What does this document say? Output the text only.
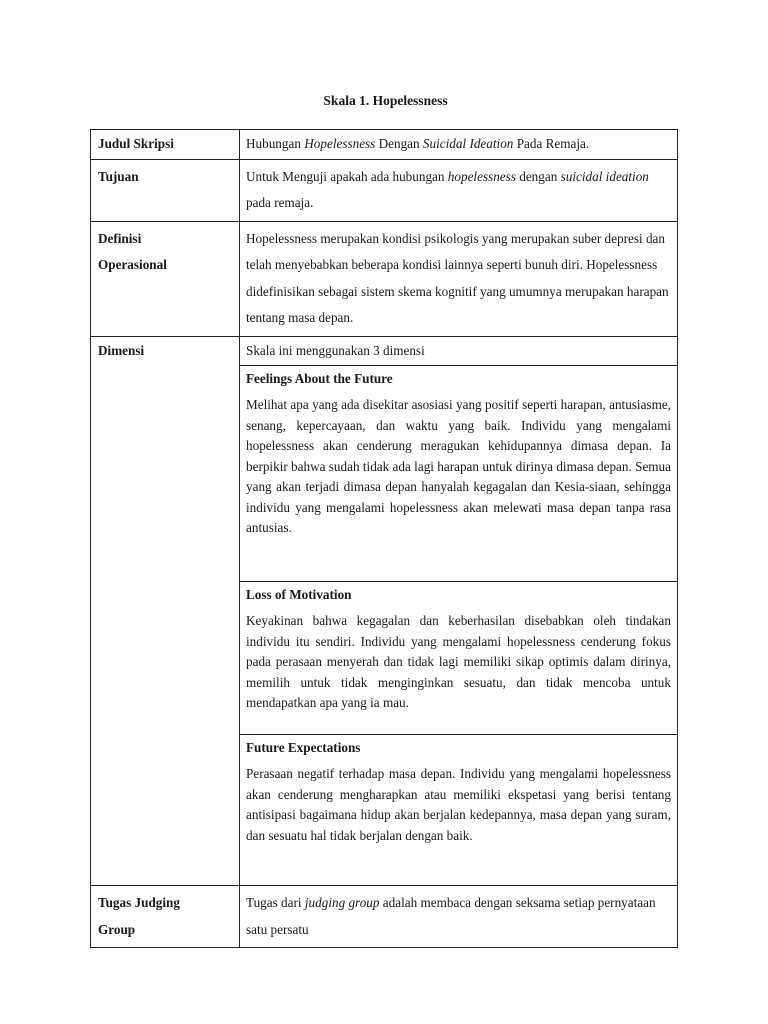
Skala 1. Hopelessness
Judul Skripsi	Hubungan Hopelessness Dengan Suicidal Ideation Pada Remaja.
Tujuan	Untuk Menguji apakah ada hubungan hopelessness dengan suicidal ideation pada remaja.
Definisi
Operasional	Hopelessness merupakan kondisi psikologis yang merupakan suber depresi dan telah menyebabkan beberapa kondisi lainnya seperti bunuh diri. Hopelessness didefinisikan sebagai sistem skema kognitif yang umumnya merupakan harapan tentang masa depan.
Dimensi	Skala ini menggunakan 3 dimensi

	Feelings About the Future
Melihat apa yang ada disekitar asosiasi yang positif seperti harapan, antusiasme, senang, kepercayaan, dan waktu yang baik. Individu yang mengalami hopelessness akan cenderung meragukan kehidupannya dimasa depan. Ia berpikir bahwa sudah tidak ada lagi harapan untuk dirinya dimasa depan. Semua yang akan terjadi dimasa depan hanyalah kegagalan dan Kesia-siaan, sehingga individu yang mengalami hopelessness akan melewati masa depan tanpa rasa antusias.

	Loss of Motivation
Keyakinan bahwa kegagalan dan keberhasilan disebabkan oleh tindakan individu itu sendiri. Individu yang mengalami hopelessness cenderung fokus pada perasaan menyerah dan tidak lagi memiliki sikap optimis dalam dirinya, memilih untuk tidak menginginkan sesuatu, dan tidak mencoba untuk mendapatkan apa yang ia mau.

	Future Expectations
Perasaan negatif terhadap masa depan. Individu yang mengalami hopelessness akan cenderung mengharapkan atau memiliki ekspetasi yang berisi tentang antisipasi bagaimana hidup akan berjalan kedepannya, masa depan yang suram, dan sesuatu hal tidak berjalan dengan baik.

Tugas Judging
Group	Tugas dari judging group adalah membaca dengan seksama setiap pernyataan satu persatu
